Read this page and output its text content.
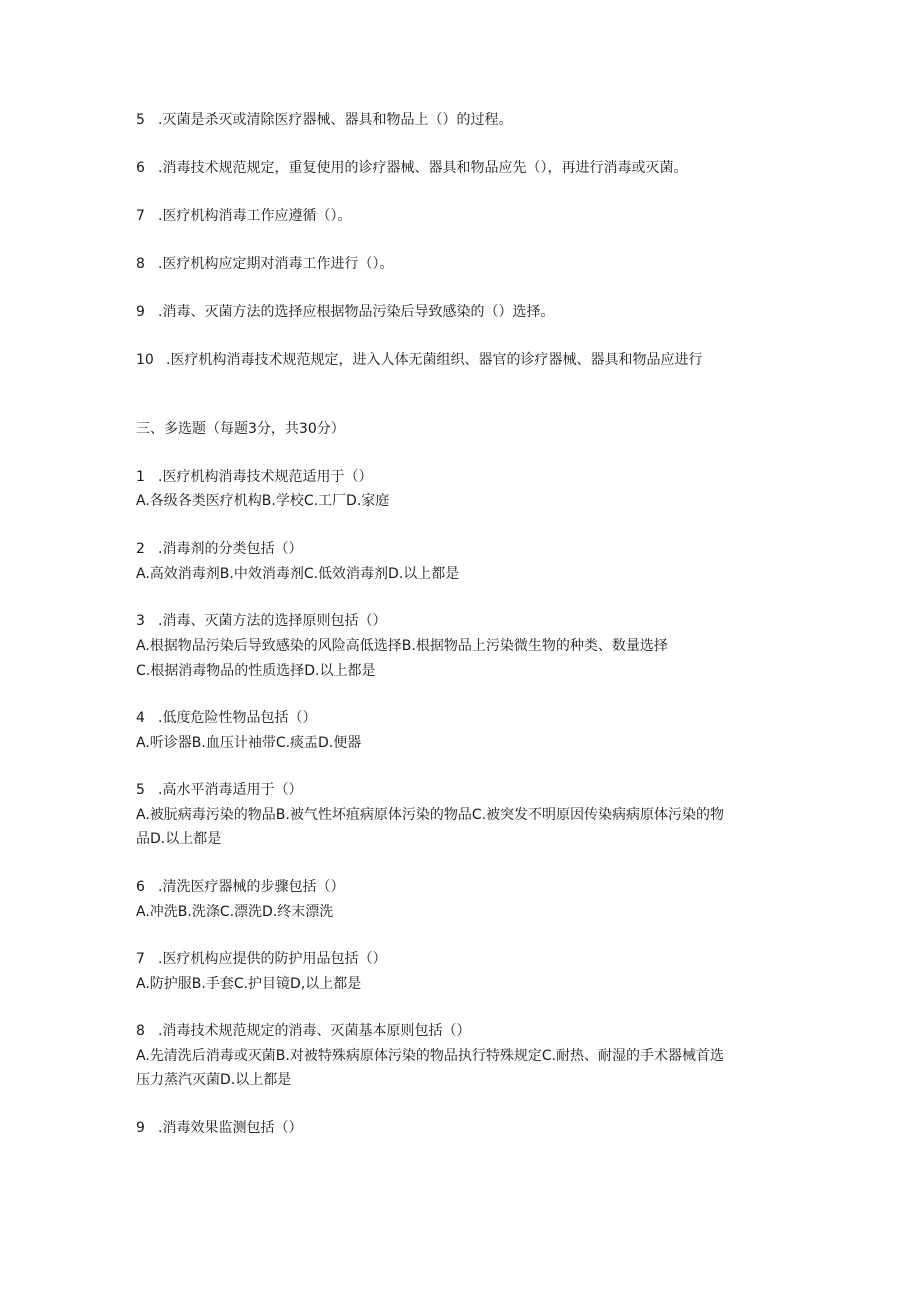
5 .灭菌是杀灭或清除医疗器械、器具和物品上（）的过程。
6 .消毒技术规范规定，重复使用的诊疗器械、器具和物品应先（），再进行消毒或灭菌。
7 .医疗机构消毒工作应遵循（）。
8 .医疗机构应定期对消毒工作进行（）。
9 .消毒、灭菌方法的选择应根据物品污染后导致感染的（）选择。
10 .医疗机构消毒技术规范规定，进入人体无菌组织、器官的诊疗器械、器具和物品应进行
三、多选题（每题3分，共30分）
1 .医疗机构消毒技术规范适用于（）
A.各级各类医疗机构B.学校C.工厂D.家庭
2 .消毒剂的分类包括（）
A.高效消毒剂B.中效消毒剂C.低效消毒剂D.以上都是
3 .消毒、灭菌方法的选择原则包括（）
A.根据物品污染后导致感染的风险高低选择B.根据物品上污染微生物的种类、数量选择
C.根据消毒物品的性质选择D.以上都是
4 .低度危险性物品包括（）
A.听诊器B.血压计袖带C.痰盂D.便器
5 .高水平消毒适用于（）
A.被朊病毒污染的物品B.被气性坏疽病原体污染的物品C.被突发不明原因传染病病原体污染的物
品D.以上都是
6 .清洗医疗器械的步骤包括（）
A.冲洗B.洗涤C.漂洗D.终末漂洗
7 .医疗机构应提供的防护用品包括（）
A.防护服B.手套C.护目镜D,以上都是
8 .消毒技术规范规定的消毒、灭菌基本原则包括（）
A.先清洗后消毒或灭菌B.对被特殊病原体污染的物品执行特殊规定C.耐热、耐湿的手术器械首选
压力蒸汽灭菌D.以上都是
9 .消毒效果监测包括（）
